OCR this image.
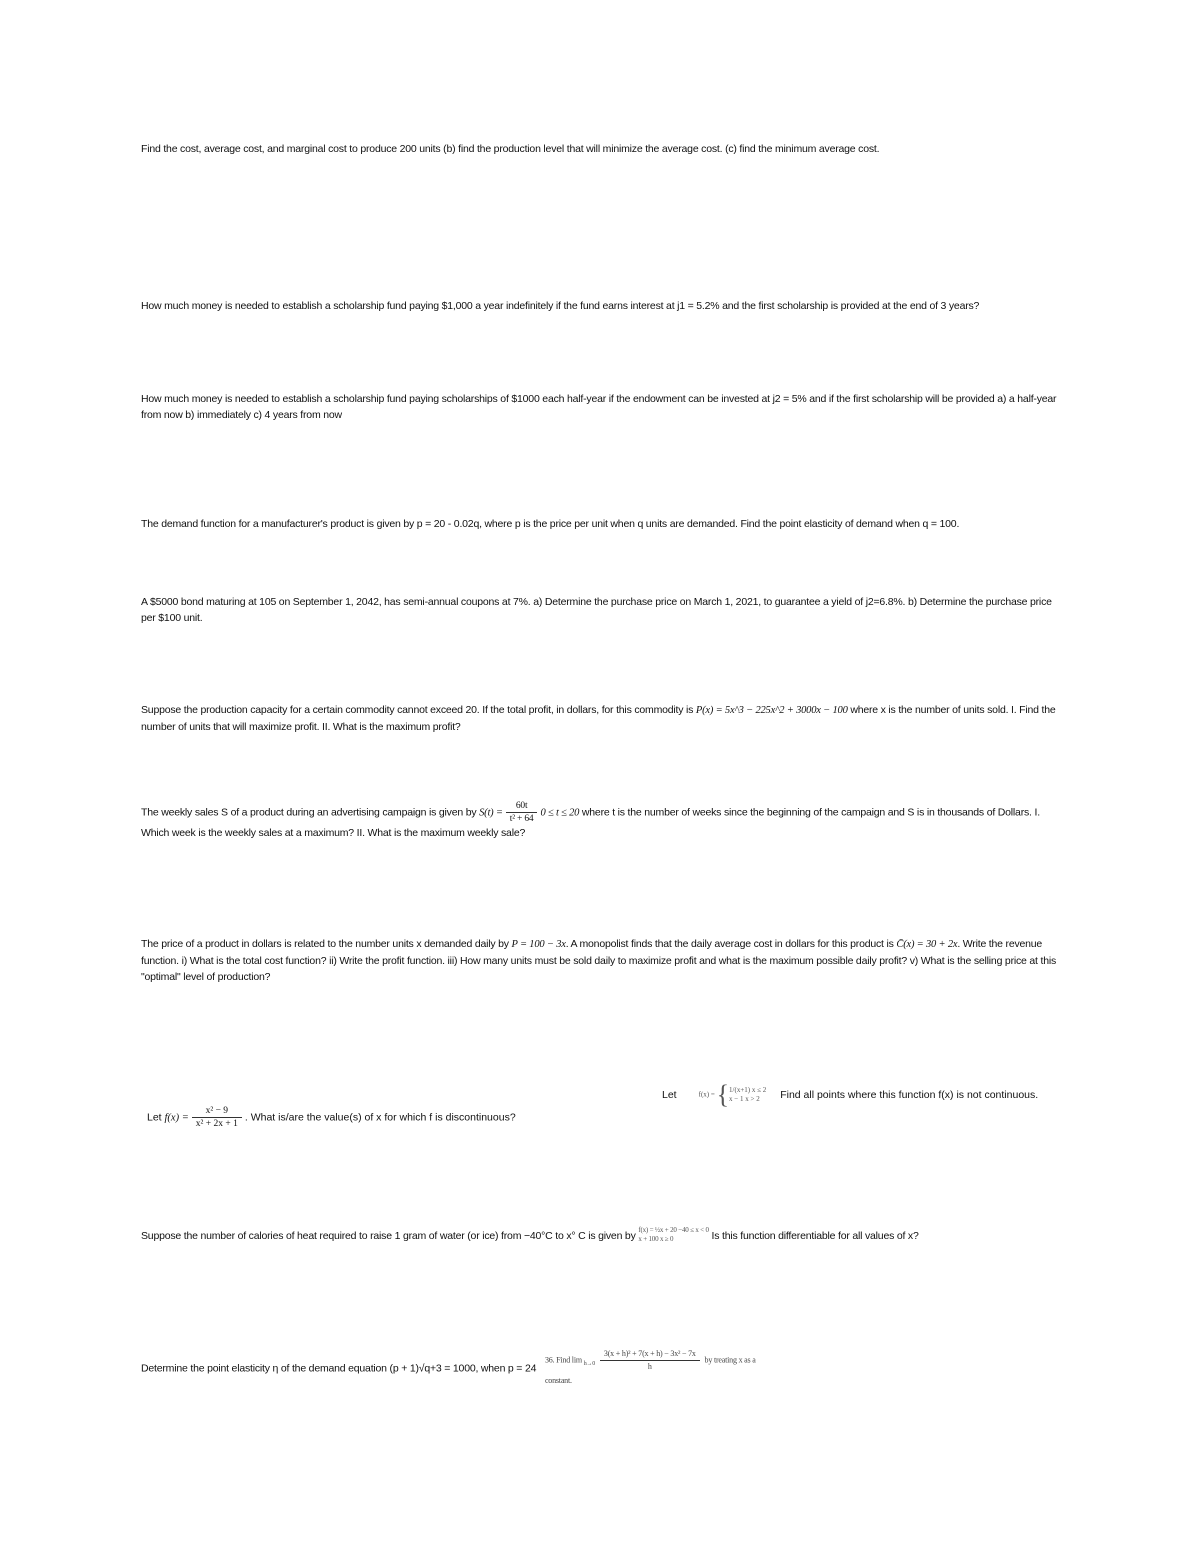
Find the cost, average cost, and marginal cost to produce 200 units (b) find the production level that will minimize the average cost. (c) find the minimum average cost.

How much money is needed to establish a scholarship fund paying $1,000 a year indefinitely if the fund earns interest at j1 = 5.2% and the first scholarship is provided at the end of 3 years?

How much money is needed to establish a scholarship fund paying scholarships of $1000 each half-year if the endowment can be invested at j2 = 5% and if the first scholarship will be provided a) a half-year from now b) immediately c) 4 years from now

The demand function for a manufacturer's product is given by p = 20 - 0.02q, where p is the price per unit when q units are demanded. Find the point elasticity of demand when q = 100.

A $5000 bond maturing at 105 on September 1, 2042, has semi-annual coupons at 7%. a) Determine the purchase price on March 1, 2021, to guarantee a yield of j2=6.8%. b) Determine the purchase price per $100 unit.

Suppose the production capacity for a certain commodity cannot exceed 20. If the total profit, in dollars, for this commodity is P(x) = 5x^3 − 225x^2 + 3000x − 100 where x is the number of units sold. I. Find the number of units that will maximize profit. II. What is the maximum profit?

The weekly sales S of a product during an advertising campaign is given by $S(t) = \frac{60t}{\text{t² + 64}} 0 \le t \le 20$ where t is the number of weeks since the beginning of the campaign and S is in thousands of Dollars. I. Which week is the weekly sales at a maximum? II. What is the maximum weekly sale?

The price of a product in dollars is related to the number units x demanded daily by P = 100 − 3x. A monopolist finds that the daily average cost in dollars for this product is C̄(x) = 30 + 2x. Write the revenue function. i) What is the total cost function? ii) Write the profit function. iii) How many units must be sold daily to maximize profit and what is the maximum possible daily profit? v) What is the selling price at this "optimal" level of production?

Let $f(x) = \frac{\text{x² − 9}}{\text{x² + 2x + 1}}$ . What is/are the value(s) of x for which f is discontinuous?
Let	f(x) = { 1/(x+1) x ≤ 2
x − 1 x > 2	Find all points where this function f(x) is not continuous.
Suppose the number of calories of heat required to raise 1 gram of water (or ice) from −40°C to x° C is given by f(x) = ½x + 20 −40 ≤ x < 0
x + 100 x ≥ 0	Is this function differentiable for all values of x?
Determine the point elasticity η of the demand equation (p + 1)√q+3 = 1000, when p = 24 36. Find $\lim _{h\to 0} \frac{\text{3(x + h)² + 7(x + h) − 3x² − 7x}}{h}$ by treating x as a
constant.
